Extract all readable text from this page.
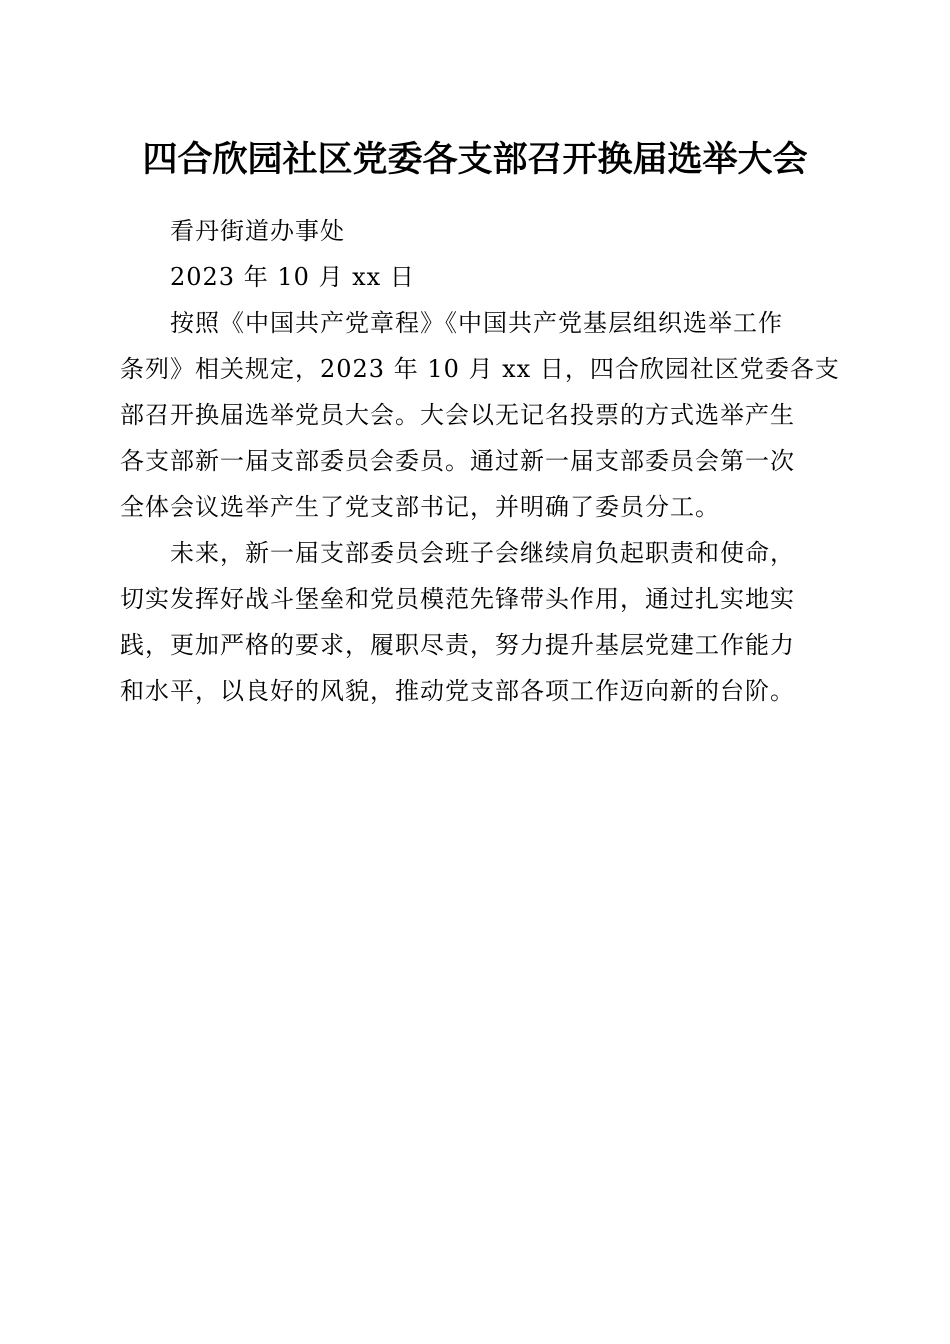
四合欣园社区党委各支部召开换届选举大会

看丹街道办事处

2023 年 10 月 xx 日

按照《中国共产党章程》《中国共产党基层组织选举工作

条列》相关规定，2023 年 10 月 xx 日，四合欣园社区党委各支

部召开换届选举党员大会。大会以无记名投票的方式选举产生

各支部新一届支部委员会委员。通过新一届支部委员会第一次

全体会议选举产生了党支部书记，并明确了委员分工。

未来，新一届支部委员会班子会继续肩负起职责和使命，

切实发挥好战斗堡垒和党员模范先锋带头作用，通过扎实地实

践，更加严格的要求，履职尽责，努力提升基层党建工作能力

和水平，以良好的风貌，推动党支部各项工作迈向新的台阶。
